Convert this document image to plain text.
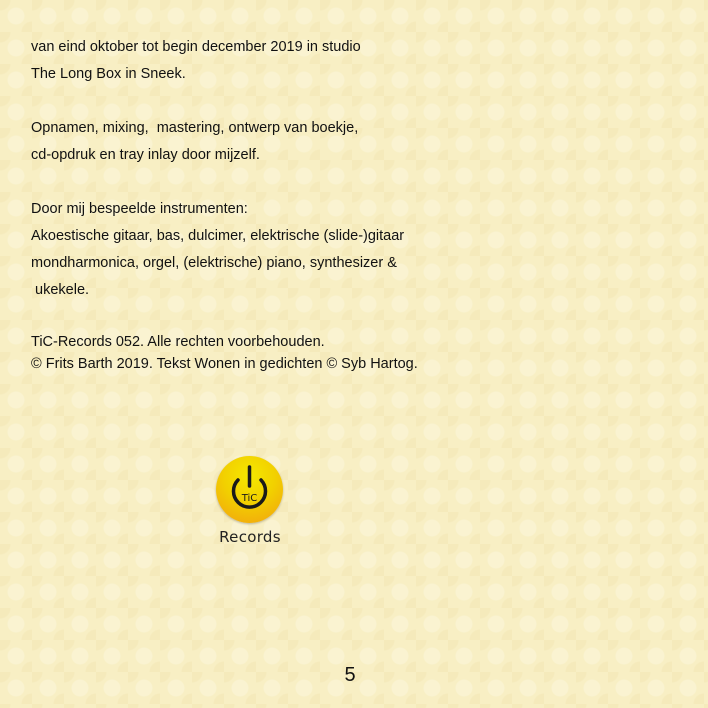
van eind oktober tot begin december 2019 in studio
The Long Box in Sneek.

Opnamen, mixing,  mastering, ontwerp van boekje,
cd-opdruk en tray inlay door mijzelf.

Door mij bespeelde instrumenten:
Akoestische gitaar, bas, dulcimer, elektrische (slide-)gitaar
mondharmonica, orgel, (elektrische) piano, synthesizer &
ukekele.

TiC-Records 052. Alle rechten voorbehouden.
© Frits Barth 2019. Tekst Wonen in gedichten © Syb Hartog.

TiC
Records
5
